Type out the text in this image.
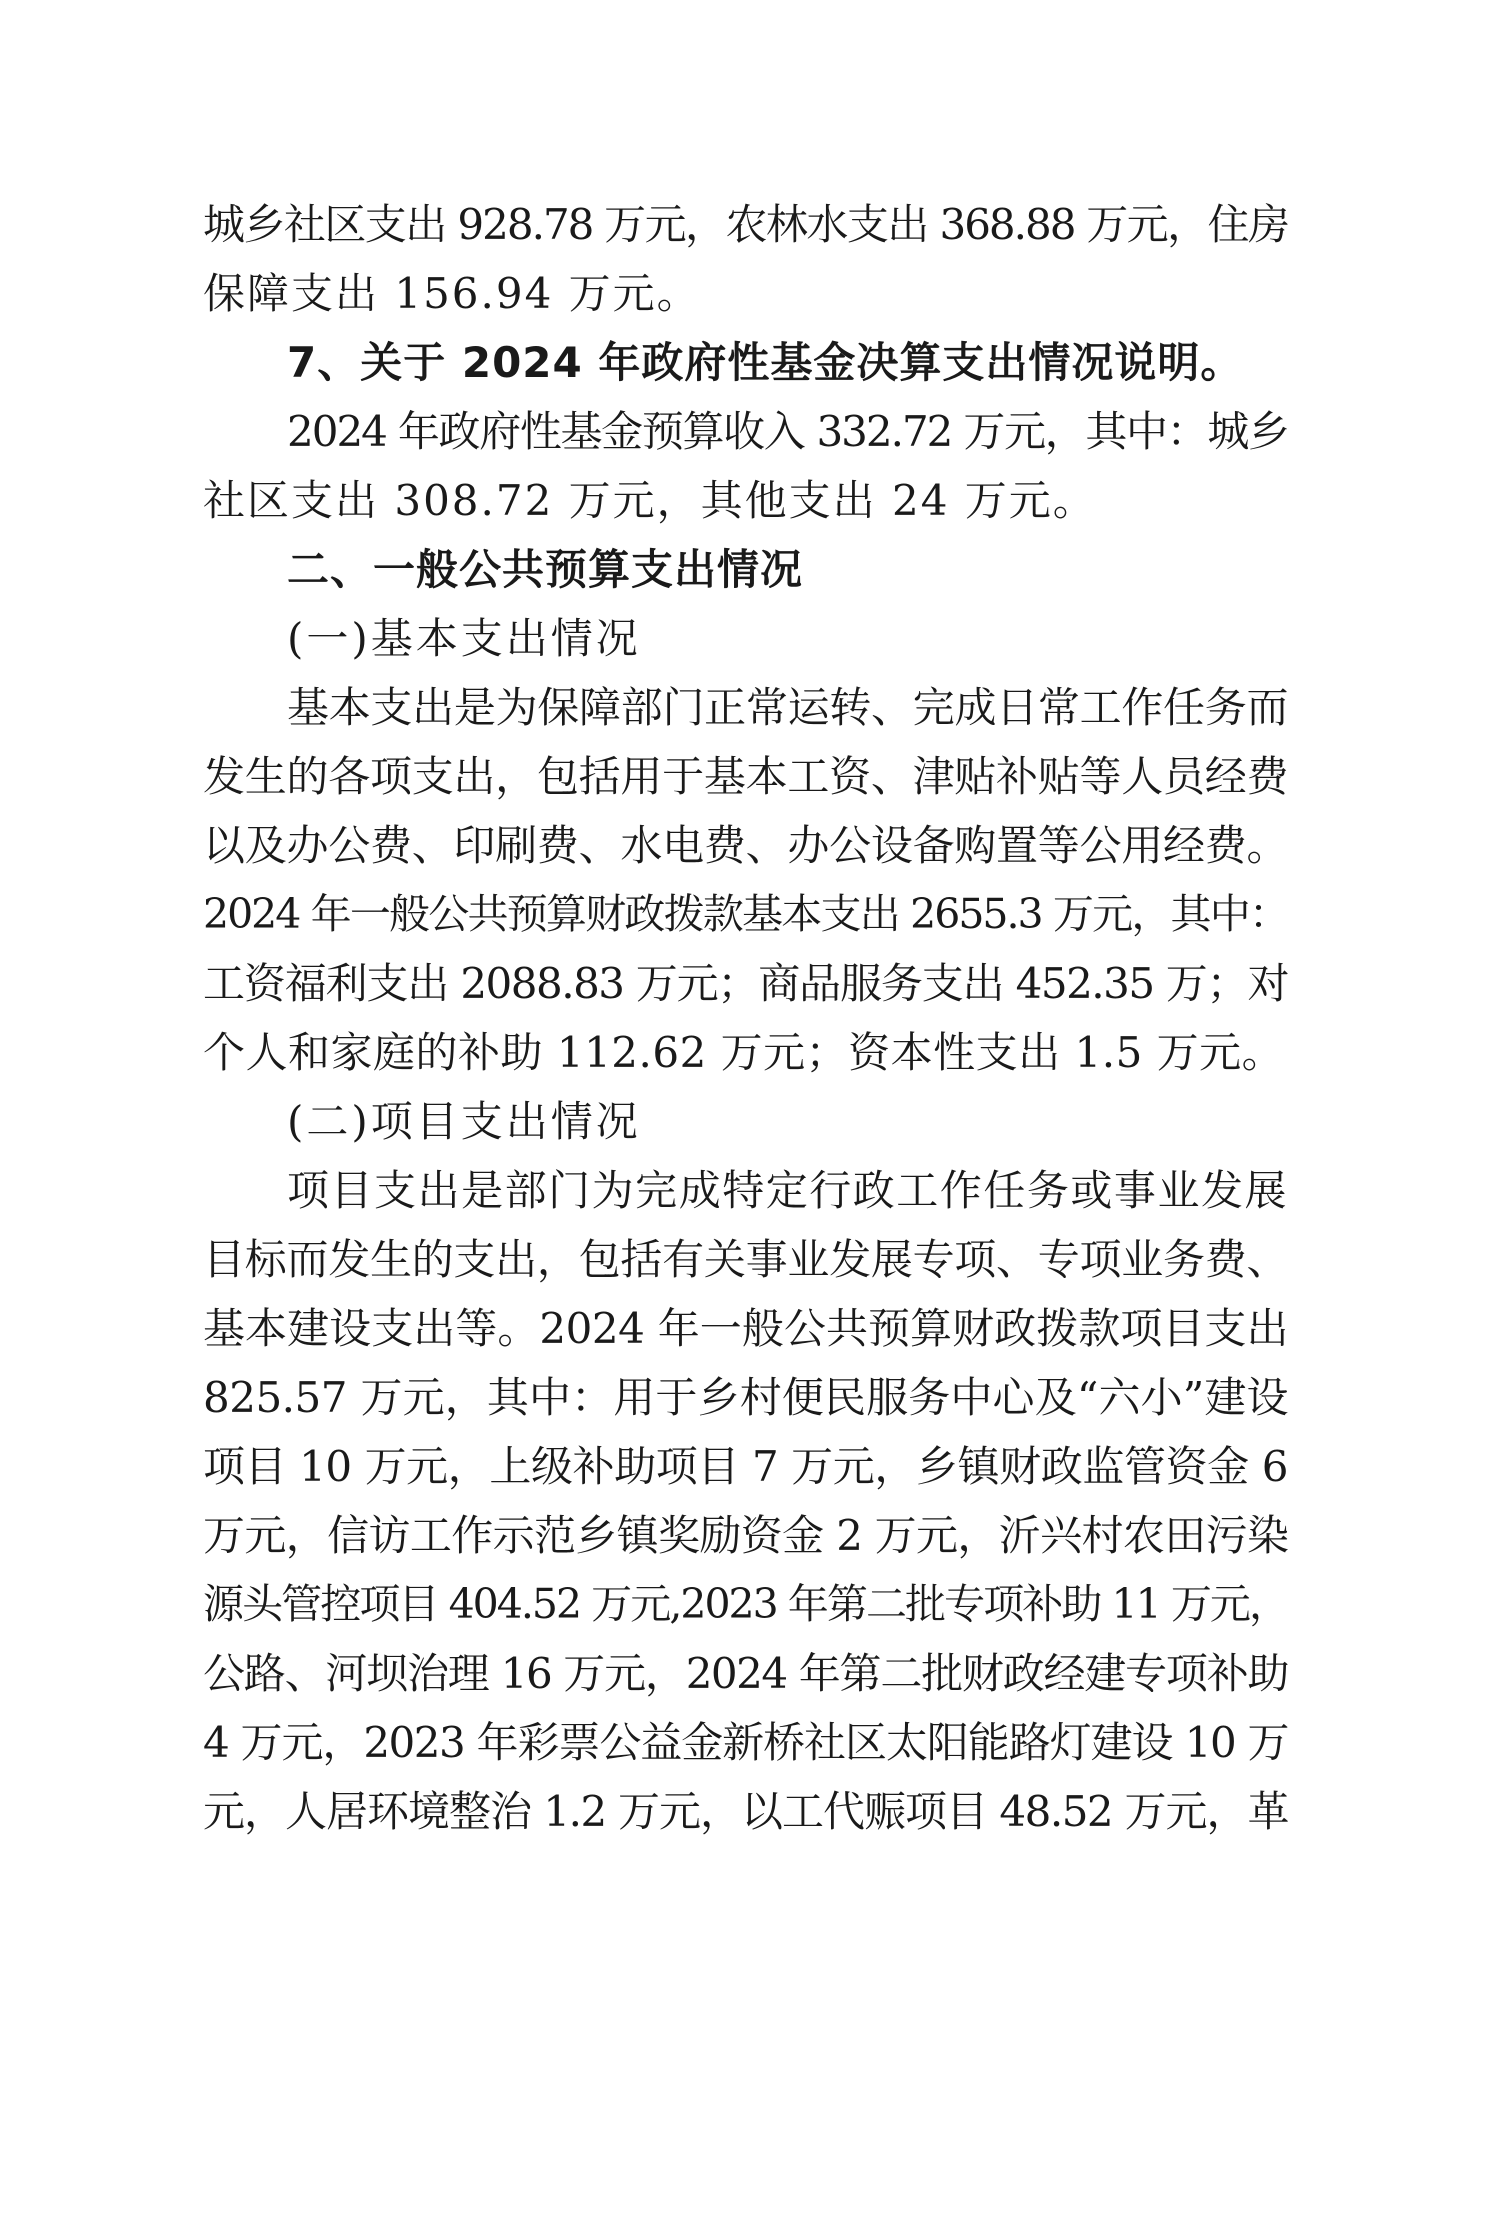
城乡社区支出 928.78 万元，农林水支出 368.88 万元，住房
保障支出 156.94 万元。
7、关于 2024 年政府性基金决算支出情况说明。
2024 年政府性基金预算收入 332.72 万元，其中：城乡
社区支出 308.72 万元，其他支出 24 万元。
二、一般公共预算支出情况
(一)基本支出情况
基本支出是为保障部门正常运转、完成日常工作任务而
发生的各项支出，包括用于基本工资、津贴补贴等人员经费
以及办公费、印刷费、水电费、办公设备购置等公用经费。
2024 年一般公共预算财政拨款基本支出 2655.3 万元，其中：
工资福利支出 2088.83 万元；商品服务支出 452.35 万；对
个人和家庭的补助 112.62 万元；资本性支出 1.5 万元。
(二)项目支出情况
项目支出是部门为完成特定行政工作任务或事业发展
目标而发生的支出，包括有关事业发展专项、专项业务费、
基本建设支出等。2024 年一般公共预算财政拨款项目支出
825.57 万元，其中：用于乡村便民服务中心及“六小”建设
项目 10 万元，上级补助项目 7 万元，乡镇财政监管资金 6
万元，信访工作示范乡镇奖励资金 2 万元，沂兴村农田污染
源头管控项目 404.52 万元,2023 年第二批专项补助 11 万元，
公路、河坝治理 16 万元，2024 年第二批财政经建专项补助
4 万元，2023 年彩票公益金新桥社区太阳能路灯建设 10 万
元，人居环境整治 1.2 万元，以工代赈项目 48.52 万元，革
